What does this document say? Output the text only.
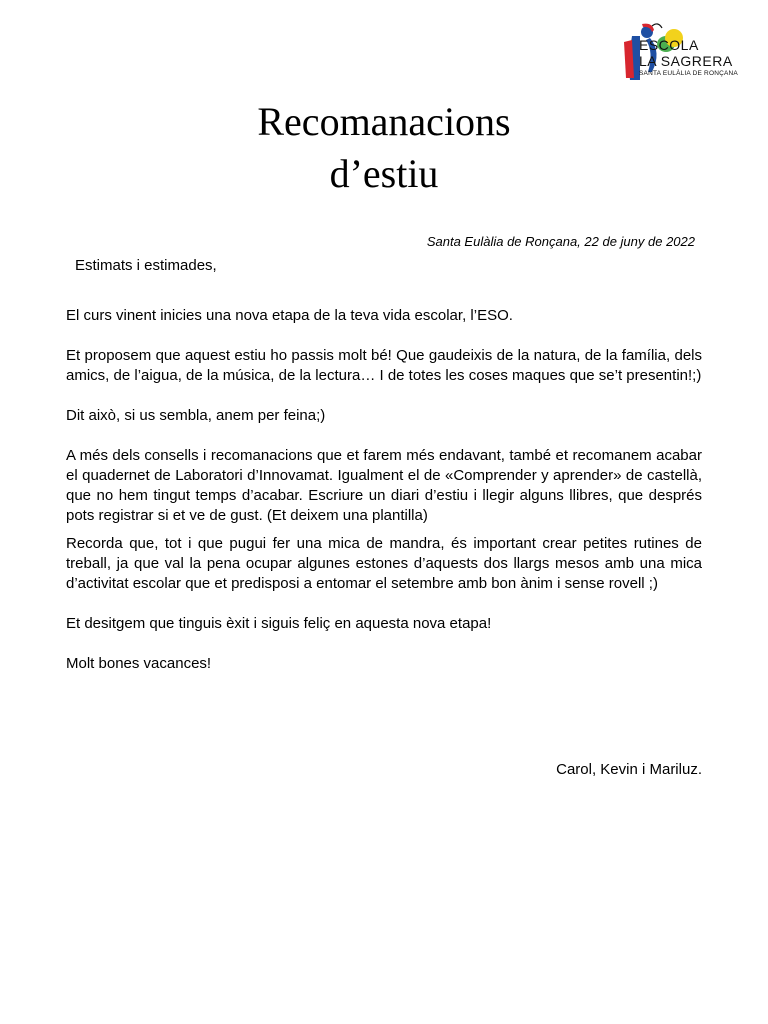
ESCOLA
LA SAGRERA
SANTA EULÀLIA DE RONÇANA
Recomanacions
d’estiu
Santa Eulàlia de Ronçana, 22 de juny de 2022
Estimats i estimades,

El curs vinent inicies una nova etapa de la teva vida escolar, l’ESO.

Et proposem que aquest estiu ho passis molt bé! Que gaudeixis de la natura, de la família, dels amics, de l’aigua, de la música, de la lectura… I de totes les coses maques que se’t presentin!;)

Dit això, si us sembla, anem per feina;)

A més dels consells i recomanacions que et farem més endavant, també et recomanem acabar el quadernet de Laboratori d’Innovamat. Igualment el de «Comprender y aprender» de castellà, que no hem tingut temps d’acabar. Escriure un diari d’estiu i llegir alguns llibres, que després pots registrar si et ve de gust. (Et deixem una plantilla)

Recorda que, tot i que pugui fer una mica de mandra, és important crear petites rutines de treball, ja que val la pena ocupar algunes estones d’aquests dos llargs mesos amb una mica d’activitat escolar que et predisposi a entomar el setembre amb bon ànim i sense rovell ;)

Et desitgem que tinguis èxit i siguis feliç en aquesta nova etapa!

Molt bones vacances!

Carol, Kevin i Mariluz.
